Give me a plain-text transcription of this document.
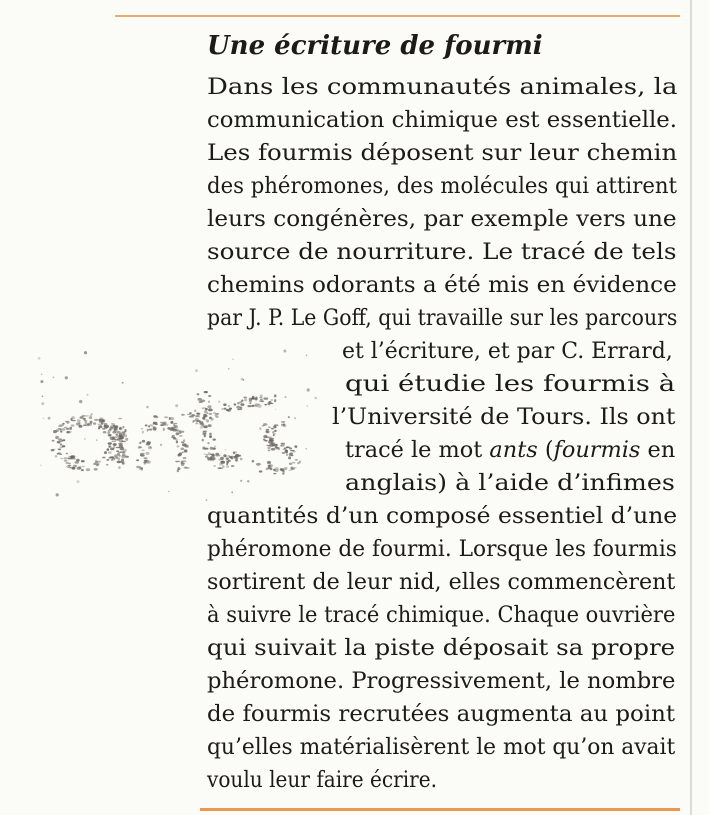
Une écriture de fourmi
Dans les communautés animales, la
communication chimique est essentielle.
Les fourmis déposent sur leur chemin
des phéromones, des molécules qui attirent
leurs congénères, par exemple vers une
source de nourriture. Le tracé de tels
chemins odorants a été mis en évidence
par J. P. Le Goff, qui travaille sur les parcours
et l’écriture, et par C. Errard,
qui étudie les fourmis à
l’Université de Tours. Ils ont
tracé le mot ants (fourmis en
anglais) à l’aide d’infimes
quantités d’un composé essentiel d’une
phéromone de fourmi. Lorsque les fourmis
sortirent de leur nid, elles commencèrent
à suivre le tracé chimique. Chaque ouvrière
qui suivait la piste déposait sa propre
phéromone. Progressivement, le nombre
de fourmis recrutées augmenta au point
qu’elles matérialisèrent le mot qu’on avait
voulu leur faire écrire.
